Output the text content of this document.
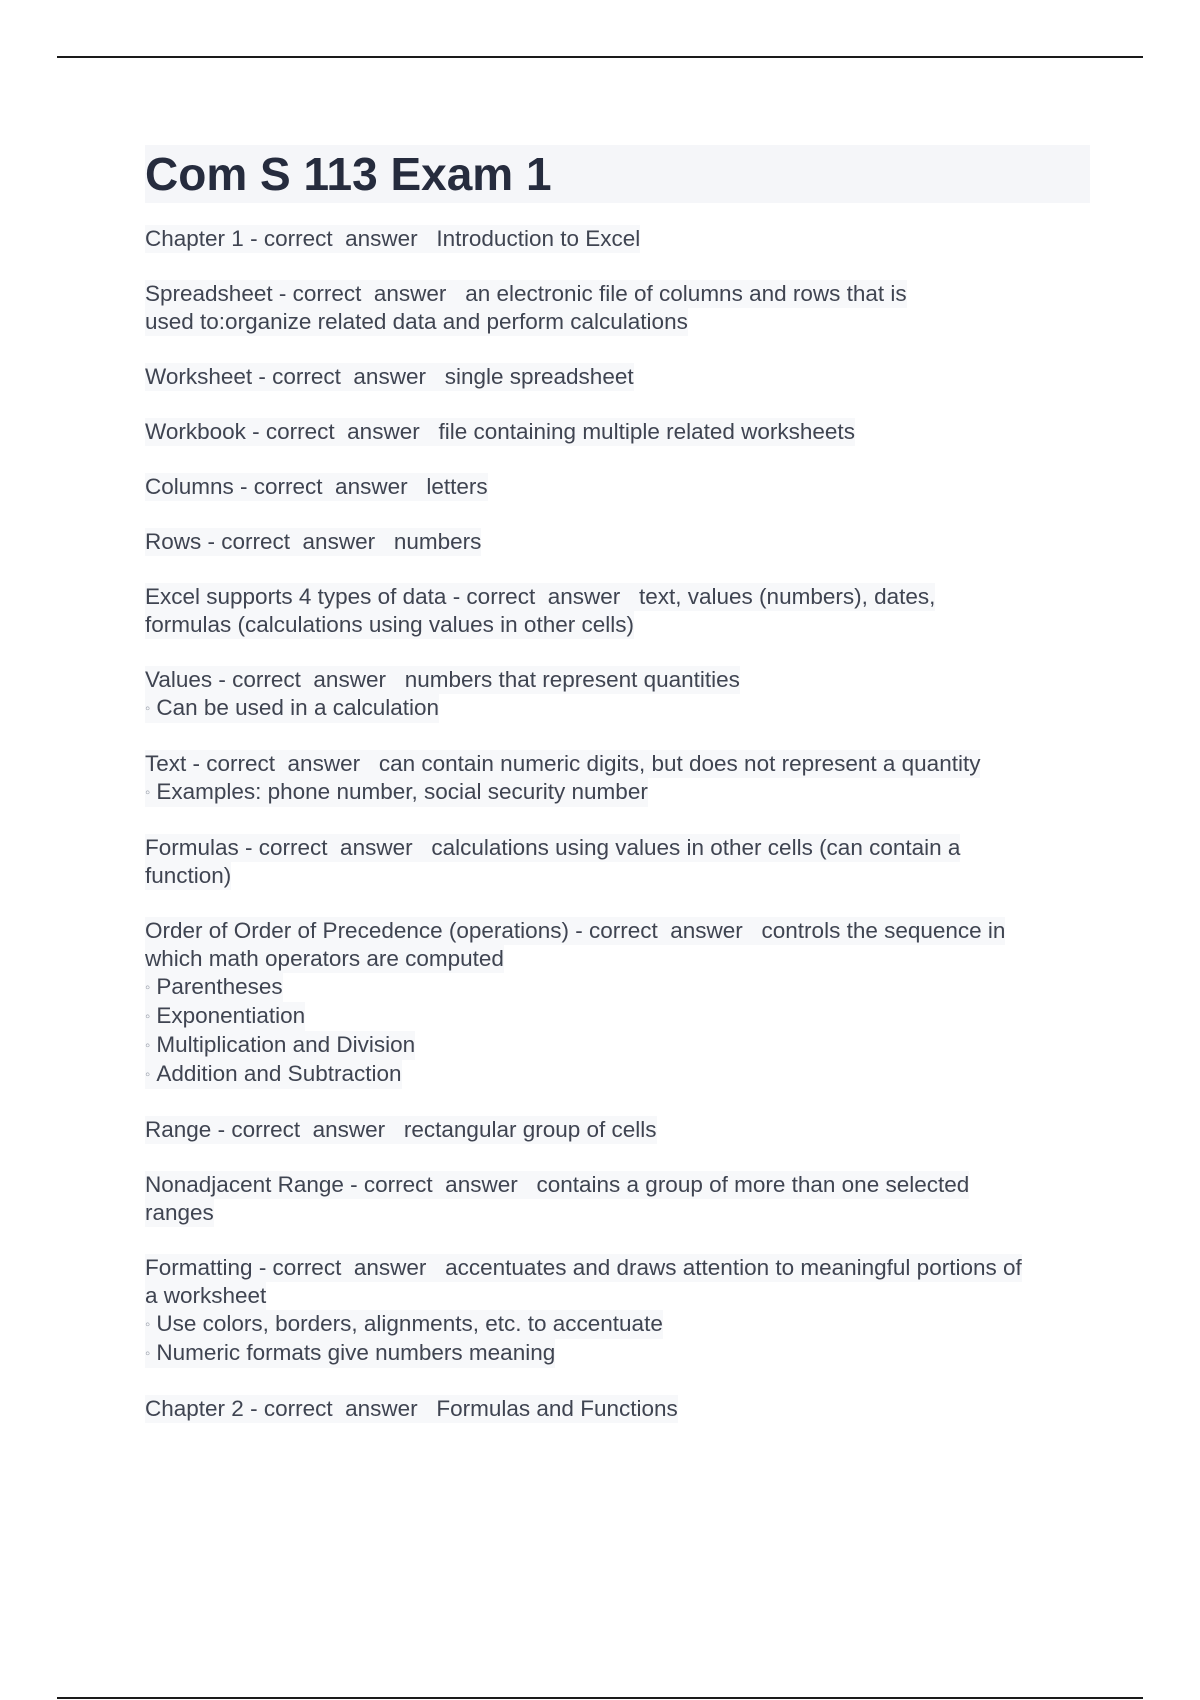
Com S 113 Exam 1
Chapter 1 - correct  answer Introduction to Excel
Spreadsheet - correct  answer an electronic file of columns and rows that is
used to:organize related data and perform calculations
Worksheet - correct  answer single spreadsheet
Workbook - correct  answer file containing multiple related worksheets
Columns - correct  answer letters
Rows - correct  answer numbers
Excel supports 4 types of data - correct  answer text, values (numbers), dates,
formulas (calculations using values in other cells)
Values - correct  answer numbers that represent quantities
◦ Can be used in a calculation
Text - correct  answer can contain numeric digits, but does not represent a quantity
◦ Examples: phone number, social security number
Formulas - correct  answer calculations using values in other cells (can contain a
function)
Order of Order of Precedence (operations) - correct  answer controls the sequence in
which math operators are computed
◦ Parentheses
◦ Exponentiation
◦ Multiplication and Division
◦ Addition and Subtraction
Range - correct  answer rectangular group of cells
Nonadjacent Range - correct  answer contains a group of more than one selected
ranges
Formatting - correct  answer accentuates and draws attention to meaningful portions of
a worksheet
◦ Use colors, borders, alignments, etc. to accentuate
◦ Numeric formats give numbers meaning
Chapter 2 - correct  answer Formulas and Functions
